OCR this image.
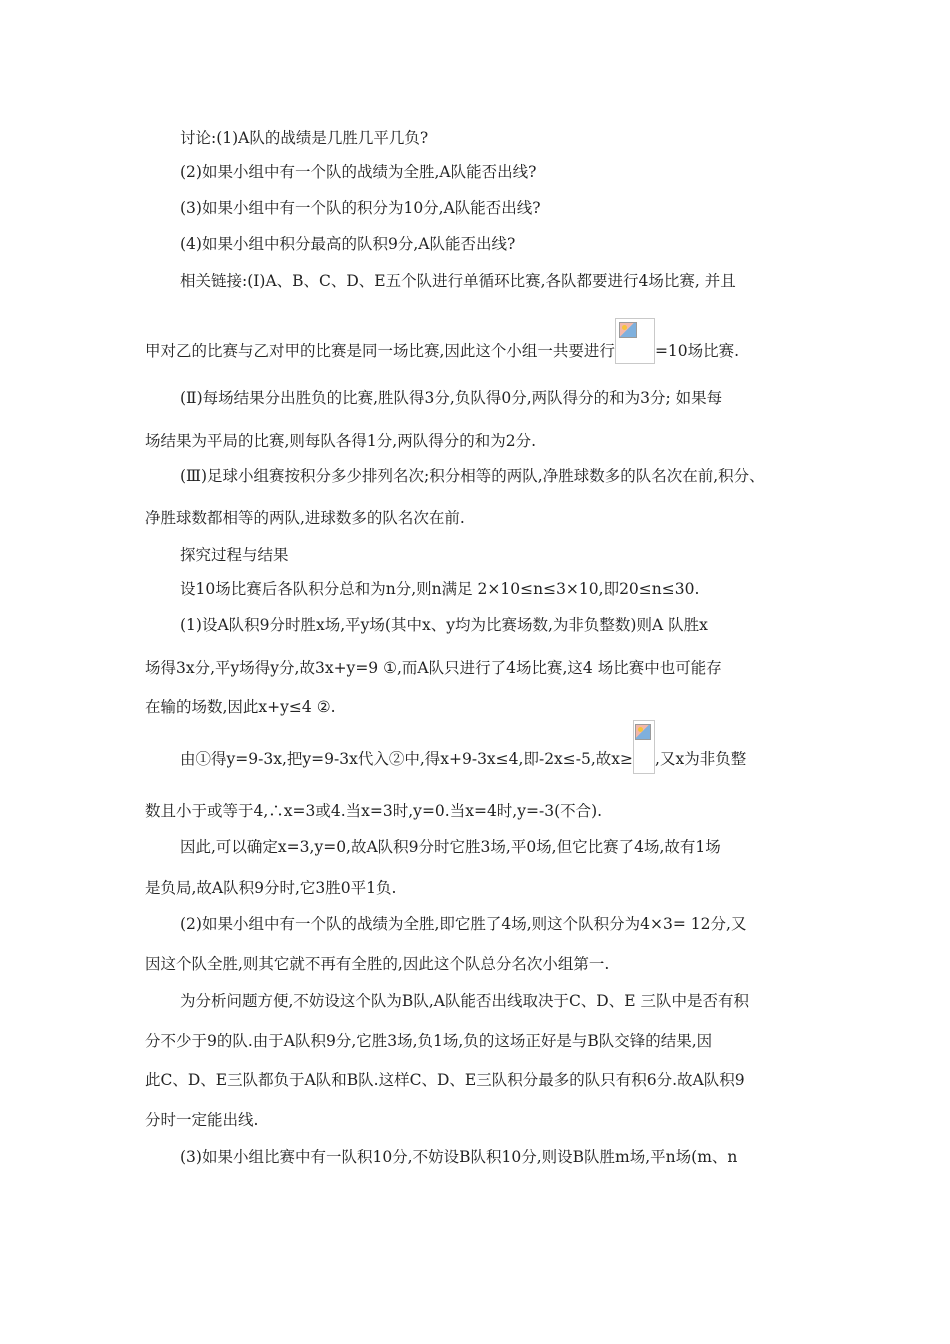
讨论:(1)A队的战绩是几胜几平几负?
(2)如果小组中有一个队的战绩为全胜,A队能否出线?
(3)如果小组中有一个队的积分为10分,A队能否出线?
(4)如果小组中积分最高的队积9分,A队能否出线?
相关链接:(Ⅰ)A、B、C、D、E五个队进行单循环比赛,各队都要进行4场比赛, 并且
甲对乙的比赛与乙对甲的比赛是同一场比赛,因此这个小组一共要进行	=10场比赛.
(Ⅱ)每场结果分出胜负的比赛,胜队得3分,负队得0分,两队得分的和为3分; 如果每
场结果为平局的比赛,则每队各得1分,两队得分的和为2分.
(Ⅲ)足球小组赛按积分多少排列名次;积分相等的两队,净胜球数多的队名次在前,积分、
净胜球数都相等的两队,进球数多的队名次在前.
探究过程与结果
设10场比赛后各队积分总和为n分,则n满足 2×10≤n≤3×10,即20≤n≤30.
(1)设A队积9分时胜x场,平y场(其中x、y均为比赛场数,为非负整数)则A 队胜x
场得3x分,平y场得y分,故3x+y=9 ①,而A队只进行了4场比赛,这4 场比赛中也可能存
在输的场数,因此x+y≤4 ②.
由①得y=9-3x,把y=9-3x代入②中,得x+9-3x≤4,即-2x≤-5,故x≥ ,又x为非负整
数且小于或等于4,∴x=3或4.当x=3时,y=0.当x=4时,y=-3(不合).
因此,可以确定x=3,y=0,故A队积9分时它胜3场,平0场,但它比赛了4场,故有1场
是负局,故A队积9分时,它3胜0平1负.
(2)如果小组中有一个队的战绩为全胜,即它胜了4场,则这个队积分为4×3= 12分,又
因这个队全胜,则其它就不再有全胜的,因此这个队总分名次小组第一.
为分析问题方便,不妨设这个队为B队,A队能否出线取决于C、D、E 三队中是否有积
分不少于9的队.由于A队积9分,它胜3场,负1场,负的这场正好是与B队交锋的结果,因
此C、D、E三队都负于A队和B队.这样C、D、E三队积分最多的队只有积6分.故A队积9
分时一定能出线.
(3)如果小组比赛中有一队积10分,不妨设B队积10分,则设B队胜m场,平n场(m、n
